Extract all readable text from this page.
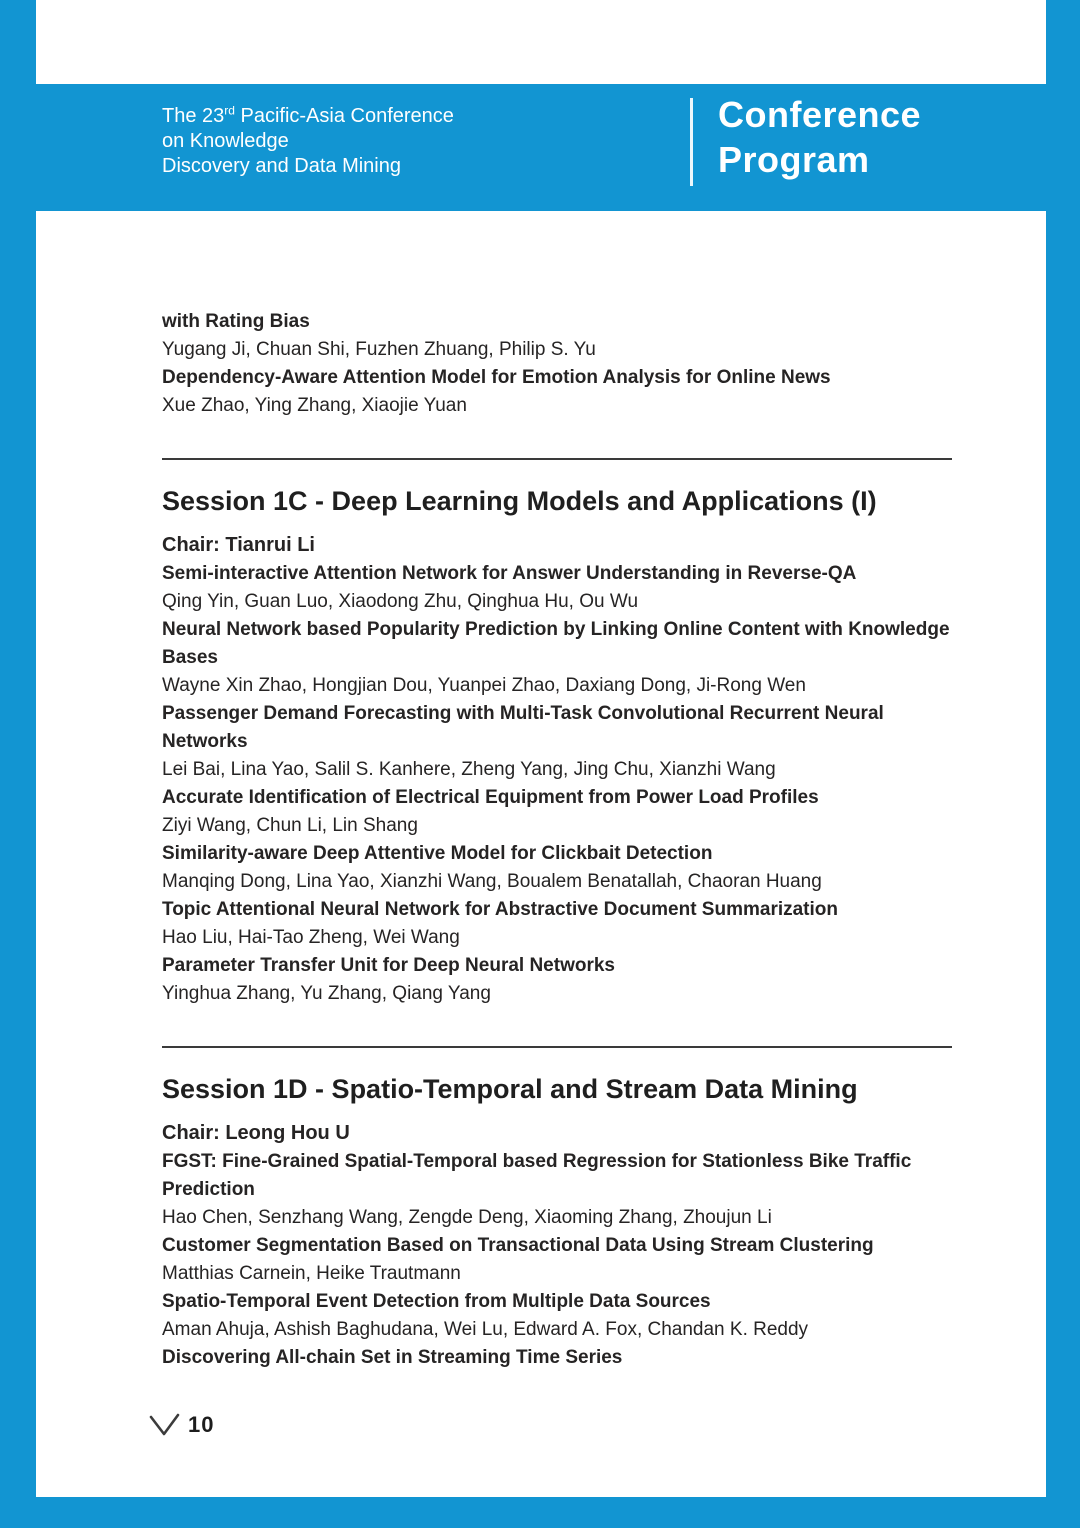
The 23rd Pacific-Asia Conference
on Knowledge
Discovery and Data Mining
Conference
Program
with Rating Bias
Yugang Ji, Chuan Shi, Fuzhen Zhuang, Philip S. Yu
Dependency-Aware Attention Model for Emotion Analysis for Online News
Xue Zhao, Ying Zhang, Xiaojie Yuan
Session 1C - Deep Learning Models and Applications (I)
Chair: Tianrui Li
Semi-interactive Attention Network for Answer Understanding in Reverse-QA
Qing Yin, Guan Luo, Xiaodong Zhu, Qinghua Hu, Ou Wu
Neural Network based Popularity Prediction by Linking Online Content with Knowledge Bases
Wayne Xin Zhao, Hongjian Dou, Yuanpei Zhao, Daxiang Dong, Ji-Rong Wen
Passenger Demand Forecasting with Multi-Task Convolutional Recurrent Neural Networks
Lei Bai, Lina Yao, Salil S. Kanhere, Zheng Yang, Jing Chu, Xianzhi Wang
Accurate Identification of Electrical Equipment from Power Load Profiles
Ziyi Wang, Chun Li, Lin Shang
Similarity-aware Deep Attentive Model for Clickbait Detection
Manqing Dong, Lina Yao, Xianzhi Wang, Boualem Benatallah, Chaoran Huang
Topic Attentional Neural Network for Abstractive Document Summarization
Hao Liu, Hai-Tao Zheng, Wei Wang
Parameter Transfer Unit for Deep Neural Networks
Yinghua Zhang, Yu Zhang, Qiang Yang
Session 1D - Spatio-Temporal and Stream Data Mining
Chair: Leong Hou U
FGST: Fine-Grained Spatial-Temporal based Regression for Stationless Bike Traffic Prediction
Hao Chen, Senzhang Wang, Zengde Deng, Xiaoming Zhang, Zhoujun Li
Customer Segmentation Based on Transactional Data Using Stream Clustering
Matthias Carnein, Heike Trautmann
Spatio-Temporal Event Detection from Multiple Data Sources
Aman Ahuja, Ashish Baghudana, Wei Lu, Edward A. Fox, Chandan K. Reddy
Discovering All-chain Set in Streaming Time Series
10
